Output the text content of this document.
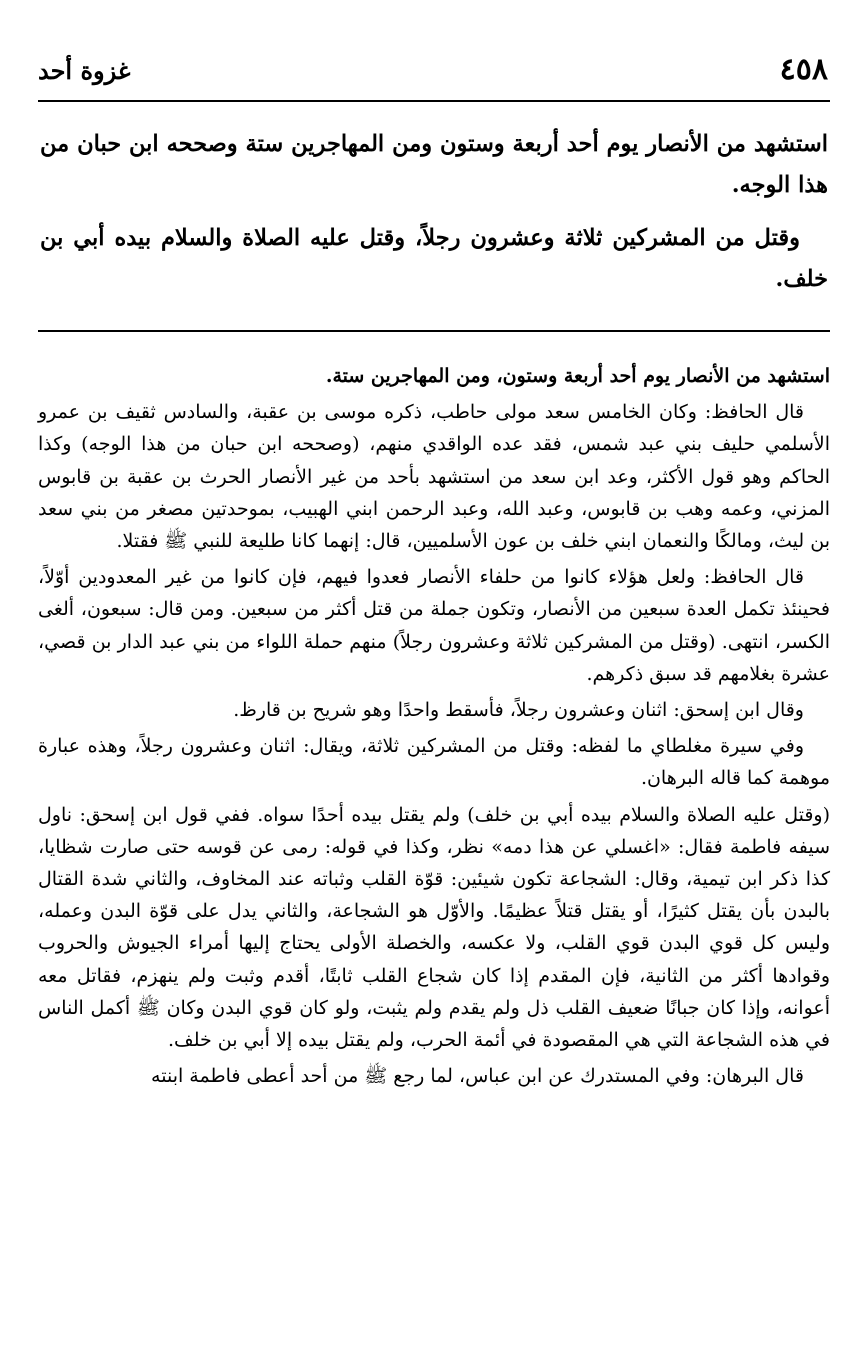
٤٥٨
غزوة أحد

استشهد من الأنصار يوم أحد أربعة وستون ومن المهاجرين ستة وصححه ابن حبان من هذا الوجه.

وقتل من المشركين ثلاثة وعشرون رجلاً، وقتل عليه الصلاة والسلام بيده أبي بن خلف.

استشهد من الأنصار يوم أحد أربعة وستون، ومن المهاجرين ستة.

قال الحافظ: وكان الخامس سعد مولى حاطب، ذكره موسى بن عقبة، والسادس ثقيف بن عمرو الأسلمي حليف بني عبد شمس، فقد عده الواقدي منهم، (وصححه ابن حبان من هذا الوجه) وكذا الحاكم وهو قول الأكثر، وعد ابن سعد من استشهد بأحد من غير الأنصار الحرث بن عقبة بن قابوس المزني، وعمه وهب بن قابوس، وعبد الله، وعبد الرحمن ابني الهبيب، بموحدتين مصغر من بني سعد بن ليث، ومالكًا والنعمان ابني خلف بن عون الأسلميين، قال: إنهما كانا طليعة للنبي ﷺ فقتلا.

قال الحافظ: ولعل هؤلاء كانوا من حلفاء الأنصار فعدوا فيهم، فإن كانوا من غير المعدودين أوّلاً، فحينئذ تكمل العدة سبعين من الأنصار، وتكون جملة من قتل أكثر من سبعين. ومن قال: سبعون، ألغى الكسر، انتهى. (وقتل من المشركين ثلاثة وعشرون رجلاً) منهم حملة اللواء من بني عبد الدار بن قصي، عشرة بغلامهم قد سبق ذكرهم.

وقال ابن إسحق: اثنان وعشرون رجلاً، فأسقط واحدًا وهو شريح بن قارظ.

وفي سيرة مغلطاي ما لفظه: وقتل من المشركين ثلاثة، ويقال: اثنان وعشرون رجلاً، وهذه عبارة موهمة كما قاله البرهان.

(وقتل عليه الصلاة والسلام بيده أبي بن خلف) ولم يقتل بيده أحدًا سواه. ففي قول ابن إسحق: ناول سيفه فاطمة فقال: «اغسلي عن هذا دمه» نظر، وكذا في قوله: رمى عن قوسه حتى صارت شظايا، كذا ذكر ابن تيمية، وقال: الشجاعة تكون شيئين: قوّة القلب وثباته عند المخاوف، والثاني شدة القتال بالبدن بأن يقتل كثيرًا، أو يقتل قتلاً عظيمًا. والأوّل هو الشجاعة، والثاني يدل على قوّة البدن وعمله، وليس كل قوي البدن قوي القلب، ولا عكسه، والخصلة الأولى يحتاج إليها أمراء الجيوش والحروب وقوادها أكثر من الثانية، فإن المقدم إذا كان شجاع القلب ثابتًا، أقدم وثبت ولم ينهزم، فقاتل معه أعوانه، وإذا كان جبانًا ضعيف القلب ذل ولم يقدم ولم يثبت، ولو كان قوي البدن وكان ﷺ أكمل الناس في هذه الشجاعة التي هي المقصودة في أئمة الحرب، ولم يقتل بيده إلا أبي بن خلف.

قال البرهان: وفي المستدرك عن ابن عباس، لما رجع ﷺ من أحد أعطى فاطمة ابنته
